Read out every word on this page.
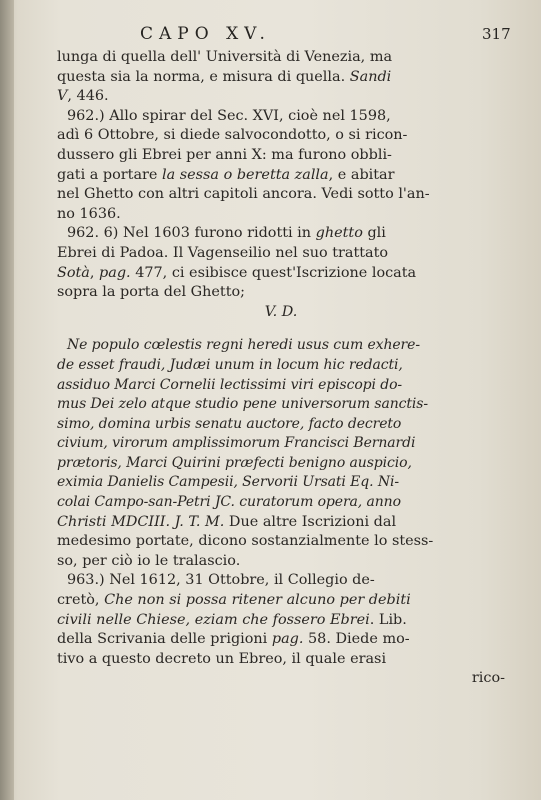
CAPO XV.	317
lunga di quella dell' Università di Venezia, ma
questa sia la norma, e misura di quella. Sandi
V, 446.
962.) Allo spirar del Sec. XVI, cioè nel 1598,
adì 6 Ottobre, si diede salvocondotto, o si ricon-
dussero gli Ebrei per anni X: ma furono obbli-
gati a portare la sessa o beretta zalla, e abitar
nel Ghetto con altri capitoli ancora. Vedi sotto l'an-
no 1636.
962. 6) Nel 1603 furono ridotti in ghetto gli
Ebrei di Padoa. Il Vagenseilio nel suo trattato
Sotà, pag. 477, ci esibisce quest'Iscrizione locata
sopra la porta del Ghetto;
V. D.
Ne populo cœlestis regni heredi usus cum exhere-
de esset fraudi, Judæi unum in locum hic redacti,
assiduo Marci Cornelii lectissimi viri episcopi do-
mus Dei zelo atque studio pene universorum sanctis-
simo, domina urbis senatu auctore, facto decreto
civium, virorum amplissimorum Francisci Bernardi
prætoris, Marci Quirini præfecti benigno auspicio,
eximia Danielis Campesii, Servorii Ursati Eq. Ni-
colai Campo-san-Petri JC. curatorum opera, anno
Christi MDCIII. J. T. M. Due altre Iscrizioni dal
medesimo portate, dicono sostanzialmente lo stess-
so, per ciò io le tralascio.
963.) Nel 1612, 31 Ottobre, il Collegio de-
cretò, Che non si possa ritener alcuno per debiti
civili nelle Chiese, eziam che fossero Ebrei. Lib.
della Scrivania delle prigioni pag. 58. Diede mo-
tivo a questo decreto un Ebreo, il quale erasi
rico-
